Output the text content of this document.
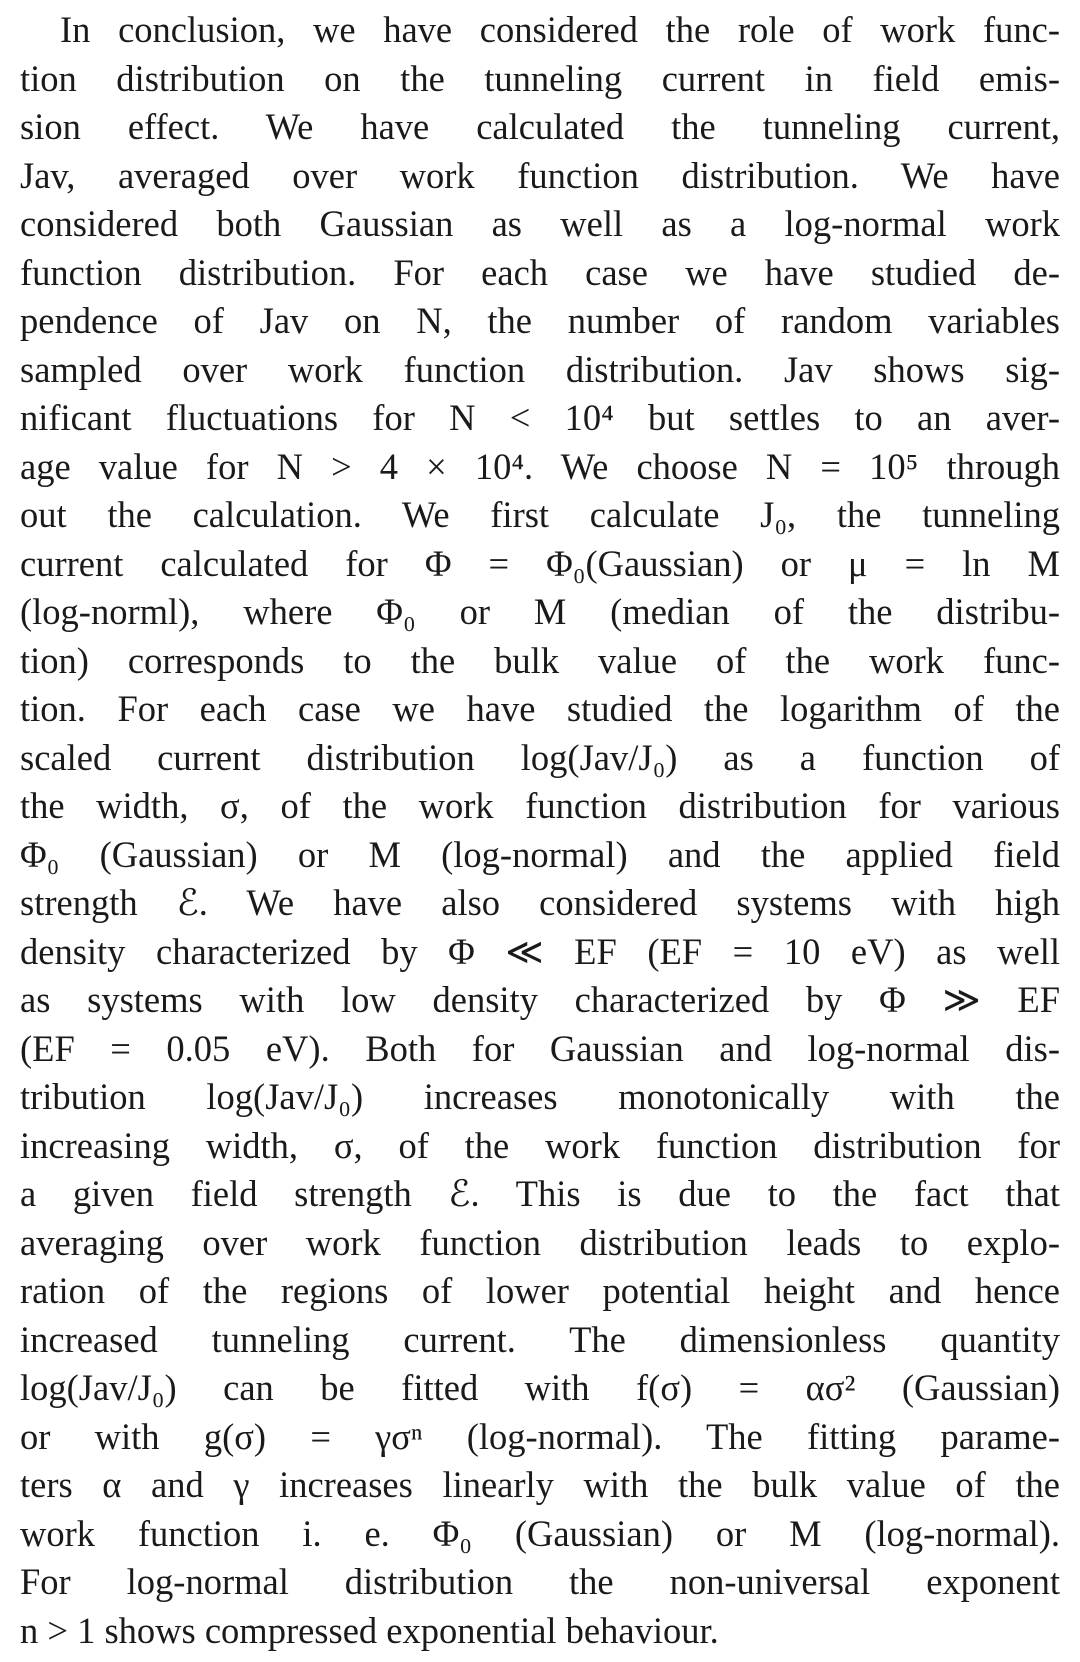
In conclusion, we have considered the role of work func-
tion distribution on the tunneling current in field emis-
sion effect. We have calculated the tunneling current,
Jav, averaged over work function distribution. We have
considered both Gaussian as well as a log-normal work
function distribution. For each case we have studied de-
pendence of Jav on N, the number of random variables
sampled over work function distribution. Jav shows sig-
nificant fluctuations for N < 10⁴ but settles to an aver-
age value for N > 4 × 10⁴. We choose N = 10⁵ through
out the calculation. We first calculate J₀, the tunneling
current calculated for Φ = Φ₀(Gaussian) or μ = ln M
(log-norml), where Φ₀ or M (median of the distribu-
tion) corresponds to the bulk value of the work func-
tion. For each case we have studied the logarithm of the
scaled current distribution log(Jav/J₀) as a function of
the width, σ, of the work function distribution for various
Φ₀ (Gaussian) or M (log-normal) and the applied field
strength ℰ. We have also considered systems with high
density characterized by Φ ≪ EF (EF = 10 eV) as well
as systems with low density characterized by Φ ≫ EF
(EF = 0.05 eV). Both for Gaussian and log-normal dis-
tribution log(Jav/J₀) increases monotonically with the
increasing width, σ, of the work function distribution for
a given field strength ℰ. This is due to the fact that
averaging over work function distribution leads to explo-
ration of the regions of lower potential height and hence
increased tunneling current. The dimensionless quantity
log(Jav/J₀) can be fitted with f(σ) = ασ² (Gaussian)
or with g(σ) = γσⁿ (log-normal). The fitting parame-
ters α and γ increases linearly with the bulk value of the
work function i. e. Φ₀ (Gaussian) or M (log-normal).
For log-normal distribution the non-universal exponent
n > 1 shows compressed exponential behaviour.
